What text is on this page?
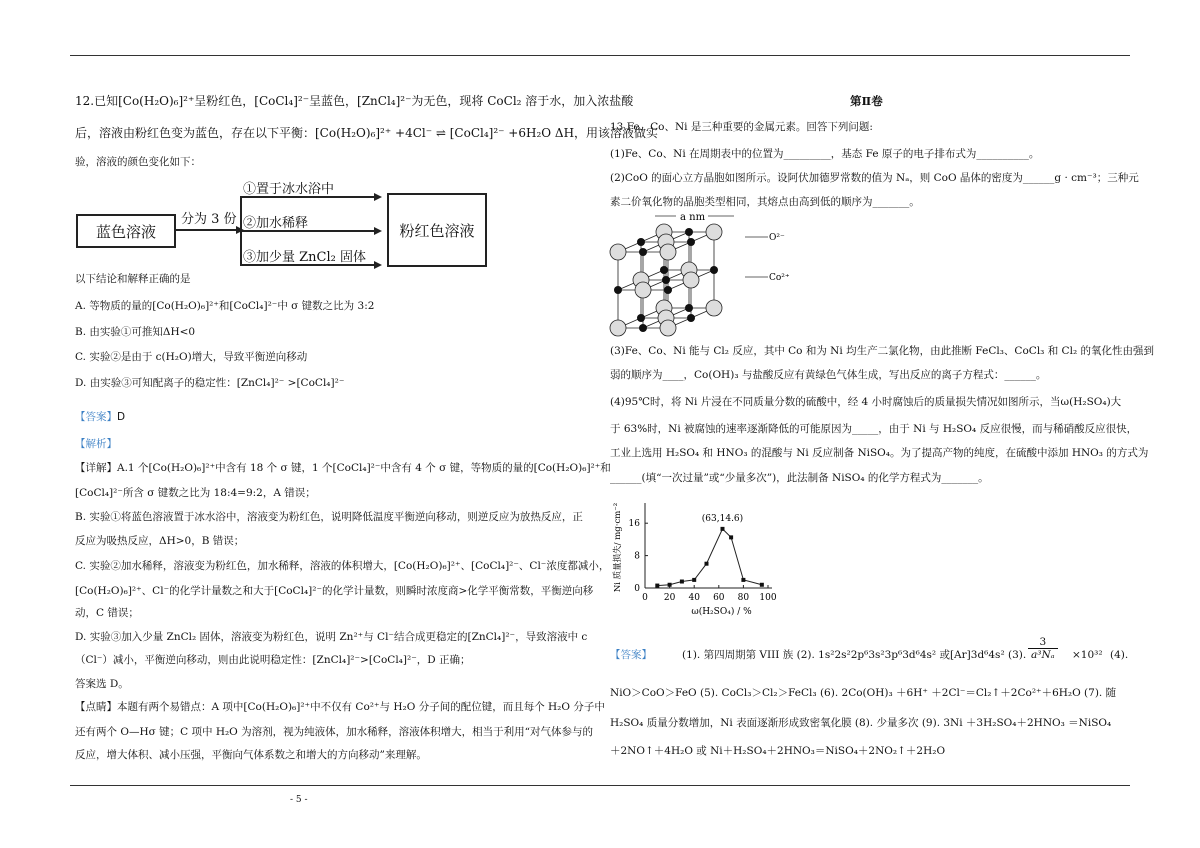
12.已知[Co(H₂O)₆]²⁺呈粉红色，[CoCl₄]²⁻呈蓝色，[ZnCl₄]²⁻为无色，现将 CoCl₂ 溶于水，加入浓盐酸
后，溶液由粉红色变为蓝色，存在以下平衡：[Co(H₂O)₆]²⁺ +4Cl⁻ ⇌ [CoCl₄]²⁻ +6H₂O ΔH，用该溶液做实
验，溶液的颜色变化如下：
蓝色溶液
分为 3 份
①置于冰水浴中
②加水稀释
③加少量 ZnCl₂ 固体
粉红色溶液
以下结论和解释正确的是
A. 等物质的量的[Co(H₂O)₆]²⁺和[CoCl₄]²⁻中 σ 键数之比为 3:2
B. 由实验①可推知ΔH<0
C. 实验②是由于 c(H₂O)增大，导致平衡逆向移动
D. 由实验③可知配离子的稳定性：[ZnCl₄]²⁻ >[CoCl₄]²⁻
【答案】D
【解析】
【详解】A.1 个[Co(H₂O)₆]²⁺中含有 18 个 σ 键，1 个[CoCl₄]²⁻中含有 4 个 σ 键，等物质的量的[Co(H₂O)₆]²⁺和
[CoCl₄]²⁻所含 σ 键数之比为 18:4=9:2，A 错误；
B. 实验①将蓝色溶液置于冰水浴中，溶液变为粉红色，说明降低温度平衡逆向移动，则逆反应为放热反应，正
反应为吸热反应，ΔH>0，B 错误；
C. 实验②加水稀释，溶液变为粉红色，加水稀释，溶液的体积增大，[Co(H₂O)₆]²⁺、[CoCl₄]²⁻、Cl⁻浓度都减小，
[Co(H₂O)₆]²⁺、Cl⁻的化学计量数之和大于[CoCl₄]²⁻的化学计量数，则瞬时浓度商>化学平衡常数，平衡逆向移
动，C 错误；
D. 实验③加入少量 ZnCl₂ 固体，溶液变为粉红色，说明 Zn²⁺与 Cl⁻结合成更稳定的[ZnCl₄]²⁻，导致溶液中 c
（Cl⁻）减小，平衡逆向移动，则由此说明稳定性：[ZnCl₄]²⁻>[CoCl₄]²⁻，D 正确；
答案选 D。
【点睛】本题有两个易错点：A 项中[Co(H₂O)₆]²⁺中不仅有 Co²⁺与 H₂O 分子间的配位键，而且每个 H₂O 分子中
还有两个 O—Hσ 键；C 项中 H₂O 为溶剂，视为纯液体，加水稀释，溶液体积增大，相当于利用“对气体参与的
反应，增大体积、减小压强，平衡向气体系数之和增大的方向移动”来理解。
第Ⅱ卷
13.Fe、Co、Ni 是三种重要的金属元素。回答下列问题:
(1)Fe、Co、Ni 在周期表中的位置为_________，基态 Fe 原子的电子排布式为__________。
(2)CoO 的面心立方晶胞如图所示。设阿伏加德罗常数的值为 Nₐ，则 CoO 晶体的密度为______g · cm⁻³；三种元
素二价氧化物的晶胞类型相同，其熔点由高到低的顺序为_______。
a nm
O²⁻
Co²⁺
(3)Fe、Co、Ni 能与 Cl₂ 反应，其中 Co 和为 Ni 均生产二氯化物，由此推断 FeCl₃、CoCl₃ 和 Cl₂ 的氧化性由强到
弱的顺序为____，Co(OH)₃ 与盐酸反应有黄绿色气体生成，写出反应的离子方程式：______。
(4)95℃时，将 Ni 片浸在不同质量分数的硫酸中，经 4 小时腐蚀后的质量损失情况如图所示，当ω(H₂SO₄)大
于 63%时，Ni 被腐蚀的速率逐渐降低的可能原因为_____，由于 Ni 与 H₂SO₄ 反应很慢，而与稀硝酸反应很快，
工业上选用 H₂SO₄ 和 HNO₃ 的混酸与 Ni 反应制备 NiSO₄。为了提高产物的纯度，在硫酸中添加 HNO₃ 的方式为
______(填“一次过量”或“少量多次”)，此法制备 NiSO₄ 的化学方程式为_______。
0 20 40 60 80 100
0
8
16
(63,14.6)
ω(H₂SO₄) / %
Ni 质量损失/ mg·cm⁻²
【答案】	(1). 第四周期第 VIII 族 (2). 1s²2s²2p⁶3s²3p⁶3d⁶4s² 或[Ar]3d⁶4s² (3). $\frac{3}{\text{a³Nₐ}} \times 10^{32}$ (4).
NiO＞CoO＞FeO (5). CoCl₃＞Cl₂＞FeCl₃ (6). 2Co(OH)₃ ＋6H⁺ ＋2Cl⁻＝Cl₂↑＋2Co²⁺＋6H₂O (7). 随
H₂SO₄ 质量分数增加，Ni 表面逐渐形成致密氧化膜 (8). 少量多次 (9). 3Ni ＋3H₂SO₄＋2HNO₃ ＝NiSO₄
＋2NO↑＋4H₂O 或 Ni＋H₂SO₄＋2HNO₃＝NiSO₄＋2NO₂↑＋2H₂O
- 5 -
